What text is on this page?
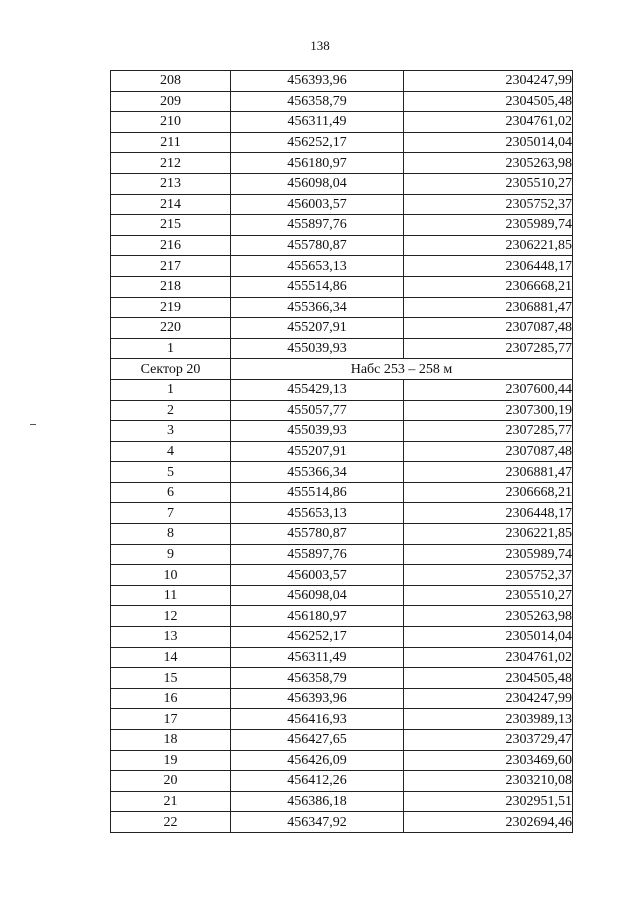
138
208	456393,96	2304247,99
209	456358,79	2304505,48
210	456311,49	2304761,02
211	456252,17	2305014,04
212	456180,97	2305263,98
213	456098,04	2305510,27
214	456003,57	2305752,37
215	455897,76	2305989,74
216	455780,87	2306221,85
217	455653,13	2306448,17
218	455514,86	2306668,21
219	455366,34	2306881,47
220	455207,91	2307087,48
1	455039,93	2307285,77
Сектор 20	Набс 253 – 258 м	
1	455429,13	2307600,44
2	455057,77	2307300,19
3	455039,93	2307285,77
4	455207,91	2307087,48
5	455366,34	2306881,47
6	455514,86	2306668,21
7	455653,13	2306448,17
8	455780,87	2306221,85
9	455897,76	2305989,74
10	456003,57	2305752,37
11	456098,04	2305510,27
12	456180,97	2305263,98
13	456252,17	2305014,04
14	456311,49	2304761,02
15	456358,79	2304505,48
16	456393,96	2304247,99
17	456416,93	2303989,13
18	456427,65	2303729,47
19	456426,09	2303469,60
20	456412,26	2303210,08
21	456386,18	2302951,51
22	456347,92	2302694,46
